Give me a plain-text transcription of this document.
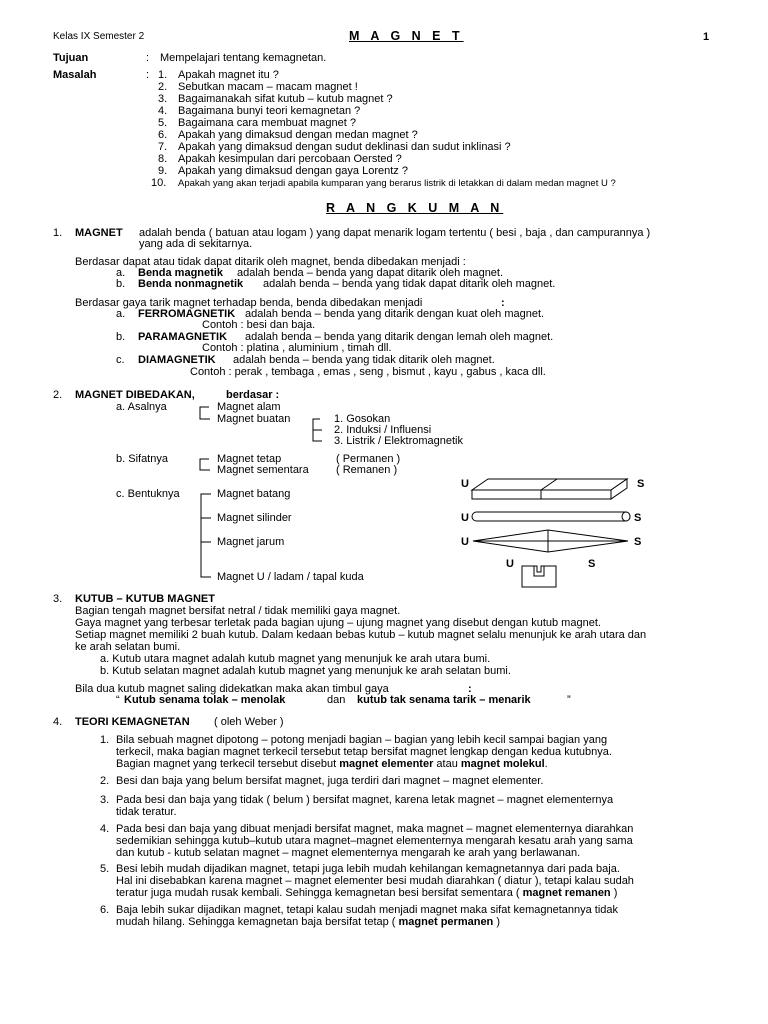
Kelas IX Semester 2	M A G N E T	1
Tujuan	: Mempelajari tentang kemagnetan.
Masalah	: 1. Apakah magnet itu ?
2. Sebutkan macam – macam magnet !
3. Bagaimanakah sifat kutub – kutub magnet ?
4. Bagaimana bunyi teori kemagnetan ?
5. Bagaimana cara membuat magnet ?
6. Apakah yang dimaksud dengan medan magnet ?
7. Apakah yang dimaksud dengan sudut deklinasi dan sudut inklinasi ?
8. Apakah kesimpulan dari percobaan Oersted ?
9. Apakah yang dimaksud dengan gaya Lorentz ?
10. Apakah yang akan terjadi apabila kumparan yang berarus listrik di letakkan di dalam medan magnet U ?
R A N G K U M A N
1. MAGNET adalah benda ( batuan atau logam ) yang dapat menarik logam tertentu ( besi , baja , dan campurannya )
yang ada di sekitarnya.
Berdasar dapat atau tidak dapat ditarik oleh magnet, benda dibedakan menjadi :
a. Benda magnetik adalah benda – benda yang dapat ditarik oleh magnet.
b. Benda nonmagnetik adalah benda – benda yang tidak dapat ditarik oleh magnet.
Berdasar gaya tarik magnet terhadap benda, benda dibedakan menjadi	:
a. FERROMAGNETIK adalah benda – benda yang ditarik dengan kuat oleh magnet.
Contoh : besi dan baja.
b. PARAMAGNETIK adalah benda – benda yang ditarik dengan lemah oleh magnet.
Contoh : platina , aluminium , timah dll.
c. DIAMAGNETIK adalah benda – benda yang tidak ditarik oleh magnet.
Contoh : perak , tembaga , emas , seng , bismut , kayu , gabus , kaca dll.
2. MAGNET DIBEDAKAN,	berdasar :
a. Asalnya	Magnet alam
Magnet buatan	1. Gosokan
2. Induksi / Influensi
3. Listrik / Elektromagnetik
b. Sifatnya	Magnet tetap	( Permanen )
Magnet sementara ( Remanen )
c. Bentuknya	Magnet batang
Magnet silinder
Magnet jarum
Magnet U / ladam / tapal kuda
U	S
U	S
U	S
U	S
3. KUTUB – KUTUB MAGNET
Bagian tengah magnet bersifat netral / tidak memiliki gaya magnet.
Gaya magnet yang terbesar terletak pada bagian ujung – ujung magnet yang disebut dengan kutub magnet.
Setiap magnet memiliki 2 buah kutub. Dalam kedaan bebas kutub – kutub magnet selalu menunjuk ke arah utara dan
ke arah selatan bumi.
a. Kutub utara magnet adalah kutub magnet yang menunjuk ke arah utara bumi.
b. Kutub selatan magnet adalah kutub magnet yang menunjuk ke arah selatan bumi.
Bila dua kutub magnet saling didekatkan maka akan timbul gaya	:
“ Kutub senama tolak – menolak	dan kutub tak senama tarik – menarik	”
4. TEORI KEMAGNETAN ( oleh Weber )
1. Bila sebuah magnet dipotong – potong menjadi bagian – bagian yang lebih kecil sampai bagian yang
terkecil, maka bagian magnet terkecil tersebut tetap bersifat magnet lengkap dengan kedua kutubnya.
Bagian magnet yang terkecil tersebut disebut magnet elementer atau magnet molekul.
2. Besi dan baja yang belum bersifat magnet, juga terdiri dari magnet – magnet elementer.
3. Pada besi dan baja yang tidak ( belum ) bersifat magnet, karena letak magnet – magnet elementernya
tidak teratur.
4. Pada besi dan baja yang dibuat menjadi bersifat magnet, maka magnet – magnet elementernya diarahkan
sedemikian sehingga kutub–kutub utara magnet–magnet elementernya mengarah kesatu arah yang sama
dan kutub - kutub selatan magnet – magnet elementernya mengarah ke arah yang berlawanan.
5. Besi lebih mudah dijadikan magnet, tetapi juga lebih mudah kehilangan kemagnetannya dari pada baja.
Hal ini disebabkan karena magnet – magnet elementer besi mudah diarahkan ( diatur ), tetapi kalau sudah
teratur juga mudah rusak kembali. Sehingga kemagnetan besi bersifat sementara ( magnet remanen )
6. Baja lebih sukar dijadikan magnet, tetapi kalau sudah menjadi magnet maka sifat kemagnetannya tidak
mudah hilang. Sehingga kemagnetan baja bersifat tetap ( magnet permanen )
